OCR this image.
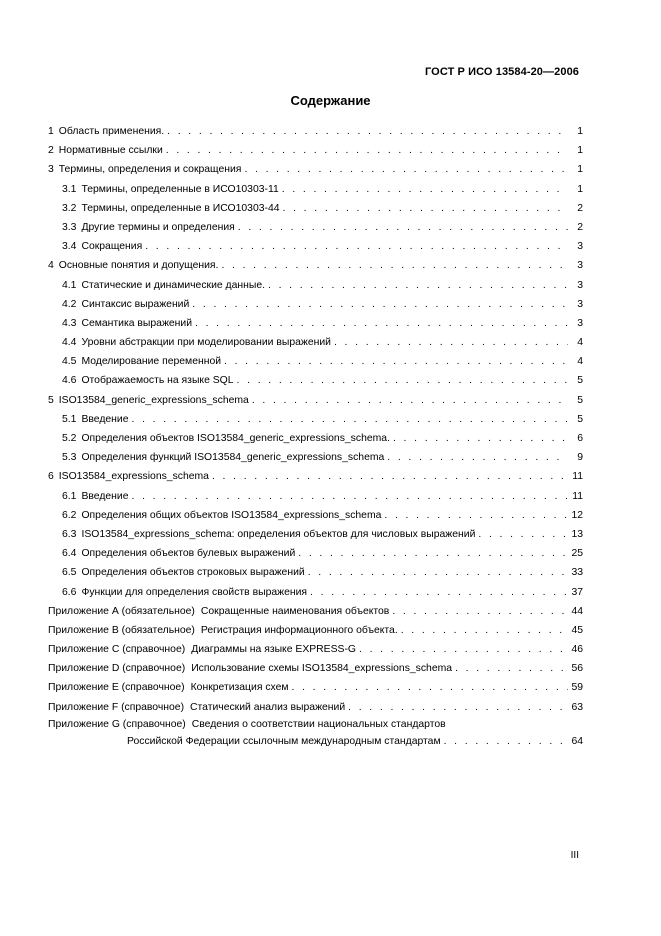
ГОСТ Р ИСО 13584-20—2006
Содержание
1 Область применения. . . .	1
2 Нормативные ссылки . . .	1
3 Термины, определения и сокращения . . .	1
3.1 Термины, определенные в ИСО10303-11 . . .	1
3.2 Термины, определенные в ИСО10303-44 . . .	2
3.3 Другие термины и определения . . .	2
3.4 Сокращения . . .	3
4 Основные понятия и допущения. . . .	3
4.1 Статические и динамические данные. . . .	3
4.2 Синтаксис выражений . . .	3
4.3 Семантика выражений . . .	3
4.4 Уровни абстракции при моделировании выражений . . .	4
4.5 Моделирование переменной . . .	4
4.6 Отображаемость на языке SQL . . .	5
5 ISO13584_generic_expressions_schema . . .	5
5.1 Введение . . .	5
5.2 Определения объектов ISO13584_generic_expressions_schema. . . .	6
5.3 Определения функций ISO13584_generic_expressions_schema . . .	9
6 ISO13584_expressions_schema . . .	11
6.1 Введение . . .	11
6.2 Определения общих объектов ISO13584_expressions_schema . . .	12
6.3 ISO13584_expressions_schema: определения объектов для числовых выражений . . .	13
6.4 Определения объектов булевых выражений . . .	25
6.5 Определения объектов строковых выражений . . .	33
6.6 Функции для определения свойств выражения . . .	37
Приложение А (обязательное) Сокращенные наименования объектов . . .	44
Приложение В (обязательное) Регистрация информационного объекта. . . .	45
Приложение С (справочное) Диаграммы на языке EXPRESS-G . . .	46
Приложение D (справочное) Использование схемы ISO13584_expressions_schema . . .	56
Приложение Е (справочное) Конкретизация схем . . .	59
Приложение F (справочное) Статический анализ выражений . . .	63
Приложение G (справочное) Сведения о соответствии национальных стандартов
Российской Федерации ссылочным международным стандартам . . .	64
III
